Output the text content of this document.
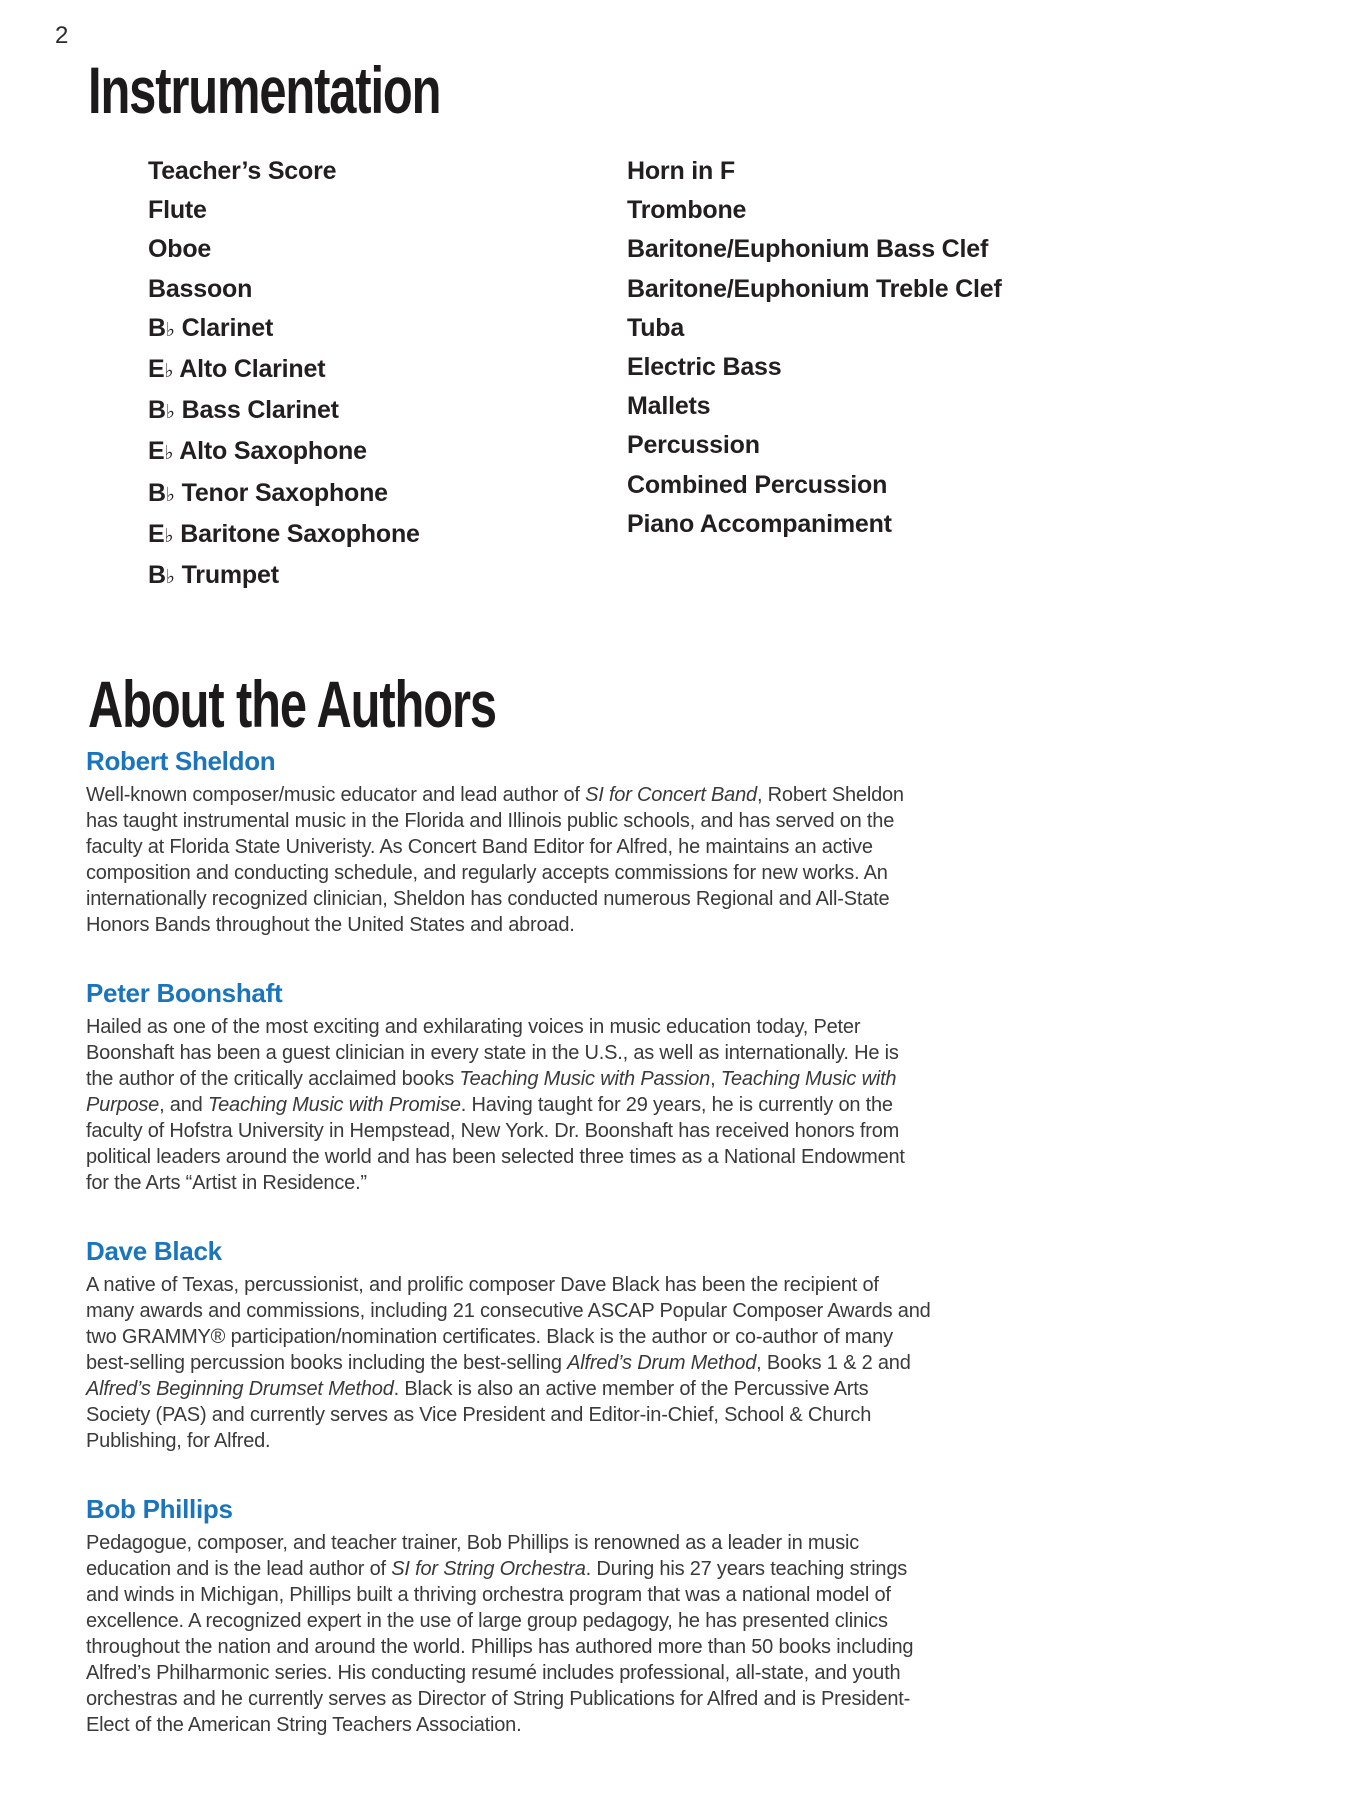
2
Instrumentation
Teacher’s Score
Flute
Oboe
Bassoon
B♭ Clarinet
E♭ Alto Clarinet
B♭ Bass Clarinet
E♭ Alto Saxophone
B♭ Tenor Saxophone
E♭ Baritone Saxophone
B♭ Trumpet
Horn in F
Trombone
Baritone/Euphonium Bass Clef
Baritone/Euphonium Treble Clef
Tuba
Electric Bass
Mallets
Percussion
Combined Percussion
Piano Accompaniment
About the Authors
Robert Sheldon

Well-known composer/music educator and lead author of SI for Concert Band, Robert Sheldon has taught instrumental music in the Florida and Illinois public schools, and has served on the faculty at Florida State Univeristy. As Concert Band Editor for Alfred, he maintains an active composition and conducting schedule, and regularly accepts commissions for new works. An internationally recognized clinician, Sheldon has conducted numerous Regional and All-State Honors Bands throughout the United States and abroad.

Peter Boonshaft

Hailed as one of the most exciting and exhilarating voices in music education today, Peter Boonshaft has been a guest clinician in every state in the U.S., as well as internationally. He is the author of the critically acclaimed books Teaching Music with Passion, Teaching Music with Purpose, and Teaching Music with Promise. Having taught for 29 years, he is currently on the faculty of Hofstra University in Hempstead, New York. Dr. Boonshaft has received honors from political leaders around the world and has been selected three times as a National Endowment for the Arts “Artist in Residence.”

Dave Black

A native of Texas, percussionist, and prolific composer Dave Black has been the recipient of many awards and commissions, including 21 consecutive ASCAP Popular Composer Awards and two GRAMMY® participation/nomination certificates. Black is the author or co-author of many best-selling percussion books including the best-selling Alfred’s Drum Method, Books 1 & 2 and Alfred’s Beginning Drumset Method. Black is also an active member of the Percussive Arts Society (PAS) and currently serves as Vice President and Editor-in-Chief, School & Church Publishing, for Alfred.

Bob Phillips

Pedagogue, composer, and teacher trainer, Bob Phillips is renowned as a leader in music education and is the lead author of SI for String Orchestra. During his 27 years teaching strings and winds in Michigan, Phillips built a thriving orchestra program that was a national model of excellence. A recognized expert in the use of large group pedagogy, he has presented clinics throughout the nation and around the world. Phillips has authored more than 50 books including Alfred’s Philharmonic series. His conducting resumé includes professional, all-state, and youth orchestras and he currently serves as Director of String Publications for Alfred and is President-Elect of the American String Teachers Association.
